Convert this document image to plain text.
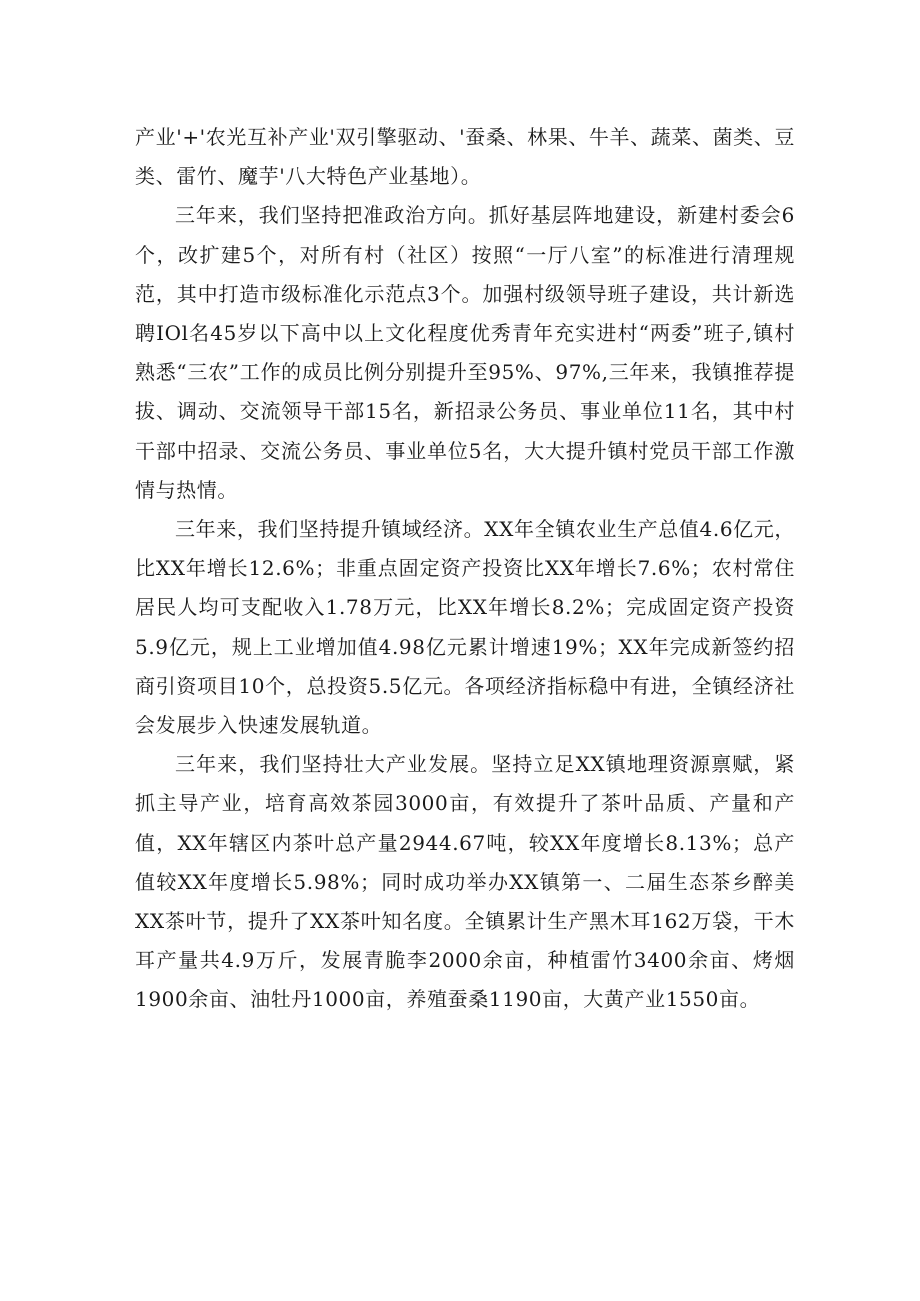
产业'+'农光互补产业'双引擎驱动、'蚕桑、林果、牛羊、蔬菜、菌类、豆类、雷竹、魔芋'八大特色产业基地）。

三年来，我们坚持把准政治方向。抓好基层阵地建设，新建村委会6个，改扩建5个，对所有村（社区）按照“一厅八室”的标准进行清理规范，其中打造市级标准化示范点3个。加强村级领导班子建设，共计新选聘IOl名45岁以下高中以上文化程度优秀青年充实进村“两委”班子,镇村熟悉“三农”工作的成员比例分别提升至95%、97%,三年来，我镇推荐提拔、调动、交流领导干部15名，新招录公务员、事业单位11名，其中村干部中招录、交流公务员、事业单位5名，大大提升镇村党员干部工作激情与热情。

三年来，我们坚持提升镇域经济。XX年全镇农业生产总值4.6亿元，比XX年增长12.6%；非重点固定资产投资比XX年增长7.6%；农村常住居民人均可支配收入1.78万元，比XX年增长8.2%；完成固定资产投资5.9亿元，规上工业增加值4.98亿元累计增速19%；XX年完成新签约招商引资项目10个，总投资5.5亿元。各项经济指标稳中有进，全镇经济社会发展步入快速发展轨道。

三年来，我们坚持壮大产业发展。坚持立足XX镇地理资源禀赋，紧抓主导产业，培育高效茶园3000亩，有效提升了茶叶品质、产量和产值，XX年辖区内茶叶总产量2944.67吨，较XX年度增长8.13%；总产值较XX年度增长5.98%；同时成功举办XX镇第一、二届生态茶乡醉美XX茶叶节，提升了XX茶叶知名度。全镇累计生产黑木耳162万袋，干木耳产量共4.9万斤，发展青脆李2000余亩，种植雷竹3400余亩、烤烟1900余亩、油牡丹1000亩，养殖蚕桑1190亩，大黄产业1550亩。
